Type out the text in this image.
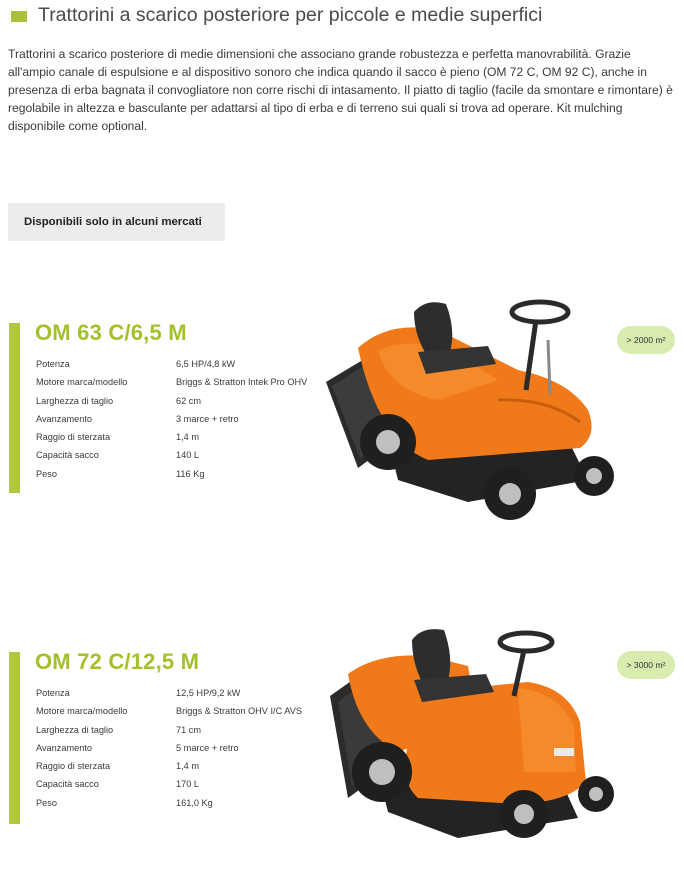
Trattorini a scarico posteriore per piccole e medie superfici
Trattorini a scarico posteriore di medie dimensioni che associano grande robustezza e perfetta manovrabilità. Grazie all'ampio canale di espulsione e al dispositivo sonoro che indica quando il sacco è pieno (OM 72 C, OM 92 C), anche in presenza di erba bagnata il convogliatore non corre rischi di intasamento. Il piatto di taglio (facile da smontare e rimontare) è regolabile in altezza e basculante per adattarsi al tipo di erba e di terreno sui quali si trova ad operare. Kit mulching disponibile come optional.
Disponibili solo in alcuni mercati
OM 63 C/6,5 M
Potenza	6,5 HP/4,8 kW
Motore marca/modello	Briggs & Stratton Intek Pro OHV
Larghezza di taglio	62 cm
Avanzamento	3 marce + retro
Raggio di sterzata	1,4 m
Capacità sacco	140 L
Peso	116 Kg
> 2000 m²
OM 72 C/12,5 M
Potenza	12,5 HP/9,2 kW
Motore marca/modello	Briggs & Stratton OHV I/C AVS
Larghezza di taglio	71 cm
Avanzamento	5 marce + retro
Raggio di sterzata	1,4 m
Capacità sacco	170 L
Peso	161,0 Kg
> 3000 m²
